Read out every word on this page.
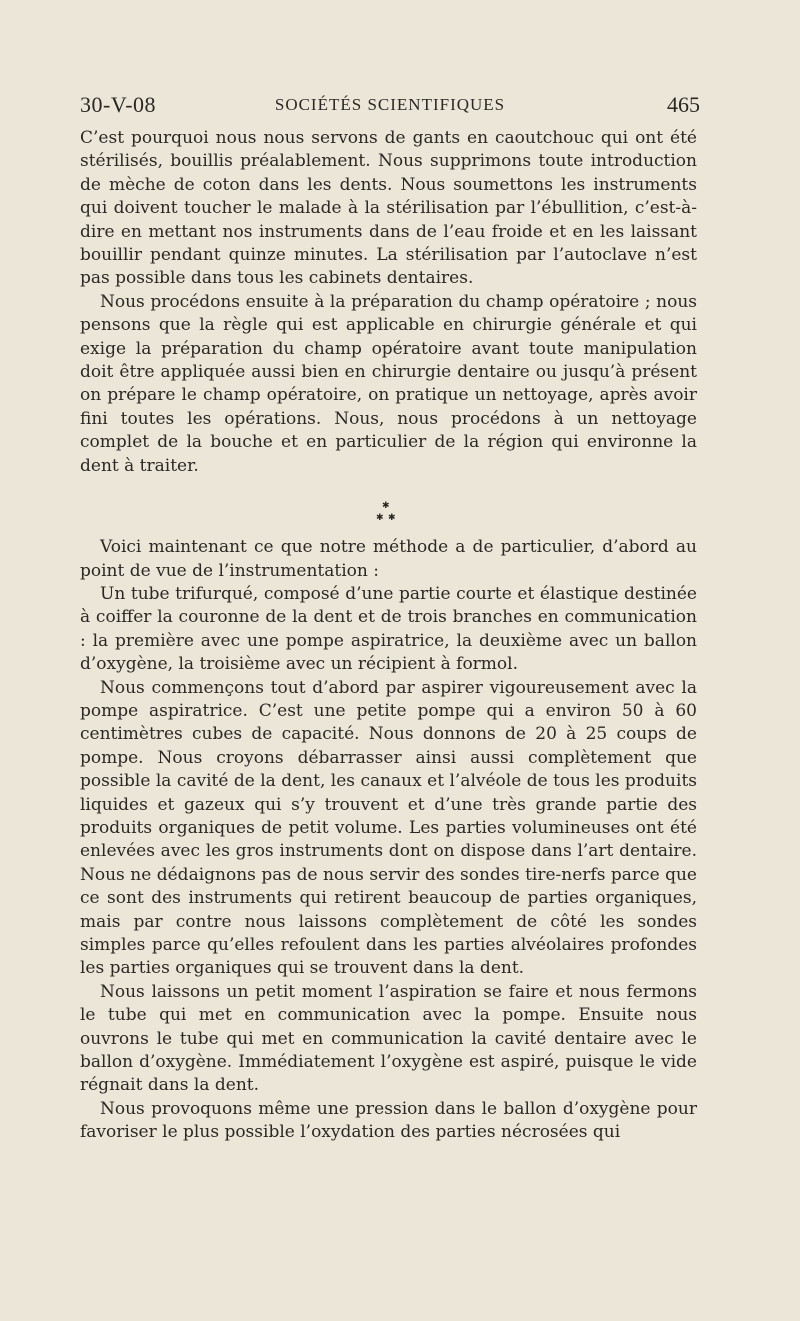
30-V-08	SOCIÉTÉS SCIENTIFIQUES	465

C’est pourquoi nous nous servons de gants en caoutchouc qui ont été stérilisés, bouillis préalablement. Nous supprimons toute introduction de mèche de coton dans les dents. Nous soumettons les instruments qui doivent toucher le malade à la stérilisation par l’ébullition, c’est-à-dire en mettant nos instruments dans de l’eau froide et en les laissant bouillir pendant quinze minutes. La stérilisation par l’autoclave n’est pas possible dans tous les cabinets dentaires.

Nous procédons ensuite à la préparation du champ opératoire ; nous pensons que la règle qui est applicable en chirurgie générale et qui exige la préparation du champ opératoire avant toute manipulation doit être appliquée aussi bien en chirurgie dentaire ou jusqu’à présent on prépare le champ opératoire, on pratique un nettoyage, après avoir fini toutes les opérations. Nous, nous procédons à un nettoyage complet de la bouche et en particulier de la région qui environne la dent à traiter.

✱
✱ ✱

Voici maintenant ce que notre méthode a de particulier, d’abord au point de vue de l’instrumentation :

Un tube trifurqué, composé d’une partie courte et élastique destinée à coiffer la couronne de la dent et de trois branches en communication : la première avec une pompe aspiratrice, la deuxième avec un ballon d’oxygène, la troisième avec un récipient à formol.

Nous commençons tout d’abord par aspirer vigoureusement avec la pompe aspiratrice. C’est une petite pompe qui a environ 50 à 60 centimètres cubes de capacité. Nous donnons de 20 à 25 coups de pompe. Nous croyons débarrasser ainsi aussi complètement que possible la cavité de la dent, les canaux et l’alvéole de tous les produits liquides et gazeux qui s’y trouvent et d’une très grande partie des produits organiques de petit volume. Les parties volumineuses ont été enlevées avec les gros instruments dont on dispose dans l’art dentaire. Nous ne dédaignons pas de nous servir des sondes tire-nerfs parce que ce sont des instruments qui retirent beaucoup de parties organiques, mais par contre nous laissons complètement de côté les sondes simples parce qu’elles refoulent dans les parties alvéolaires profondes les parties organiques qui se trouvent dans la dent.

Nous laissons un petit moment l’aspiration se faire et nous fermons le tube qui met en communication avec la pompe. Ensuite nous ouvrons le tube qui met en communication la cavité dentaire avec le ballon d’oxygène. Immédiatement l’oxygène est aspiré, puisque le vide régnait dans la dent.

Nous provoquons même une pression dans le ballon d’oxygène pour favoriser le plus possible l’oxydation des parties nécrosées qui
